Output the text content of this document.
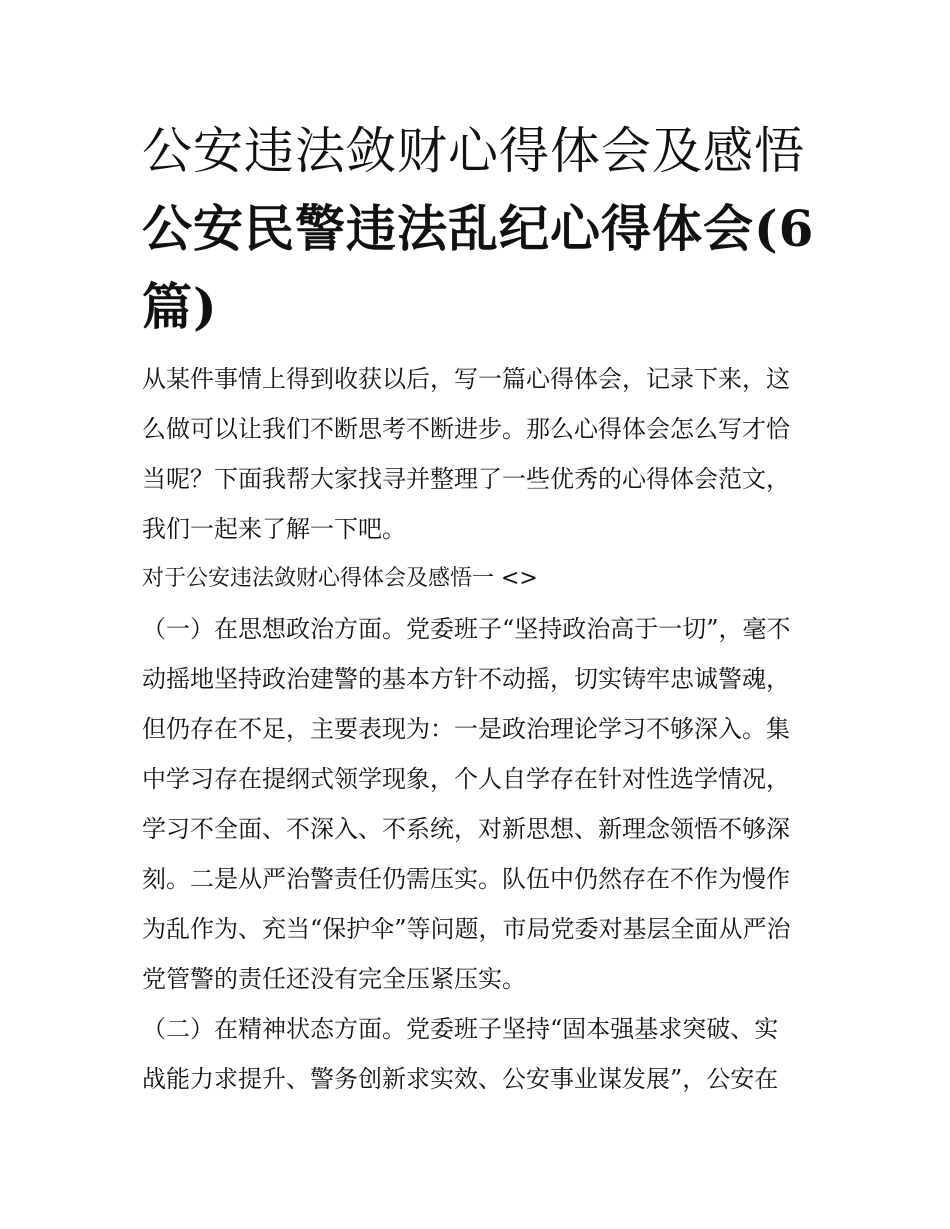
公安违法敛财心得体会及感悟
公安民警违法乱纪心得体会(6
篇)

从某件事情上得到收获以后，写一篇心得体会，记录下来，这
么做可以让我们不断思考不断进步。那么心得体会怎么写才恰
当呢？下面我帮大家找寻并整理了一些优秀的心得体会范文，
我们一起来了解一下吧。

对于公安违法敛财心得体会及感悟一 <>

（一）在思想政治方面。党委班子“坚持政治高于一切”，毫不
动摇地坚持政治建警的基本方针不动摇，切实铸牢忠诚警魂，
但仍存在不足，主要表现为：一是政治理论学习不够深入。集
中学习存在提纲式领学现象，个人自学存在针对性选学情况，
学习不全面、不深入、不系统，对新思想、新理念领悟不够深
刻。二是从严治警责任仍需压实。队伍中仍然存在不作为慢作
为乱作为、充当“保护伞”等问题，市局党委对基层全面从严治
党管警的责任还没有完全压紧压实。

（二）在精神状态方面。党委班子坚持“固本强基求突破、实
战能力求提升、警务创新求实效、公安事业谋发展”，公安在
